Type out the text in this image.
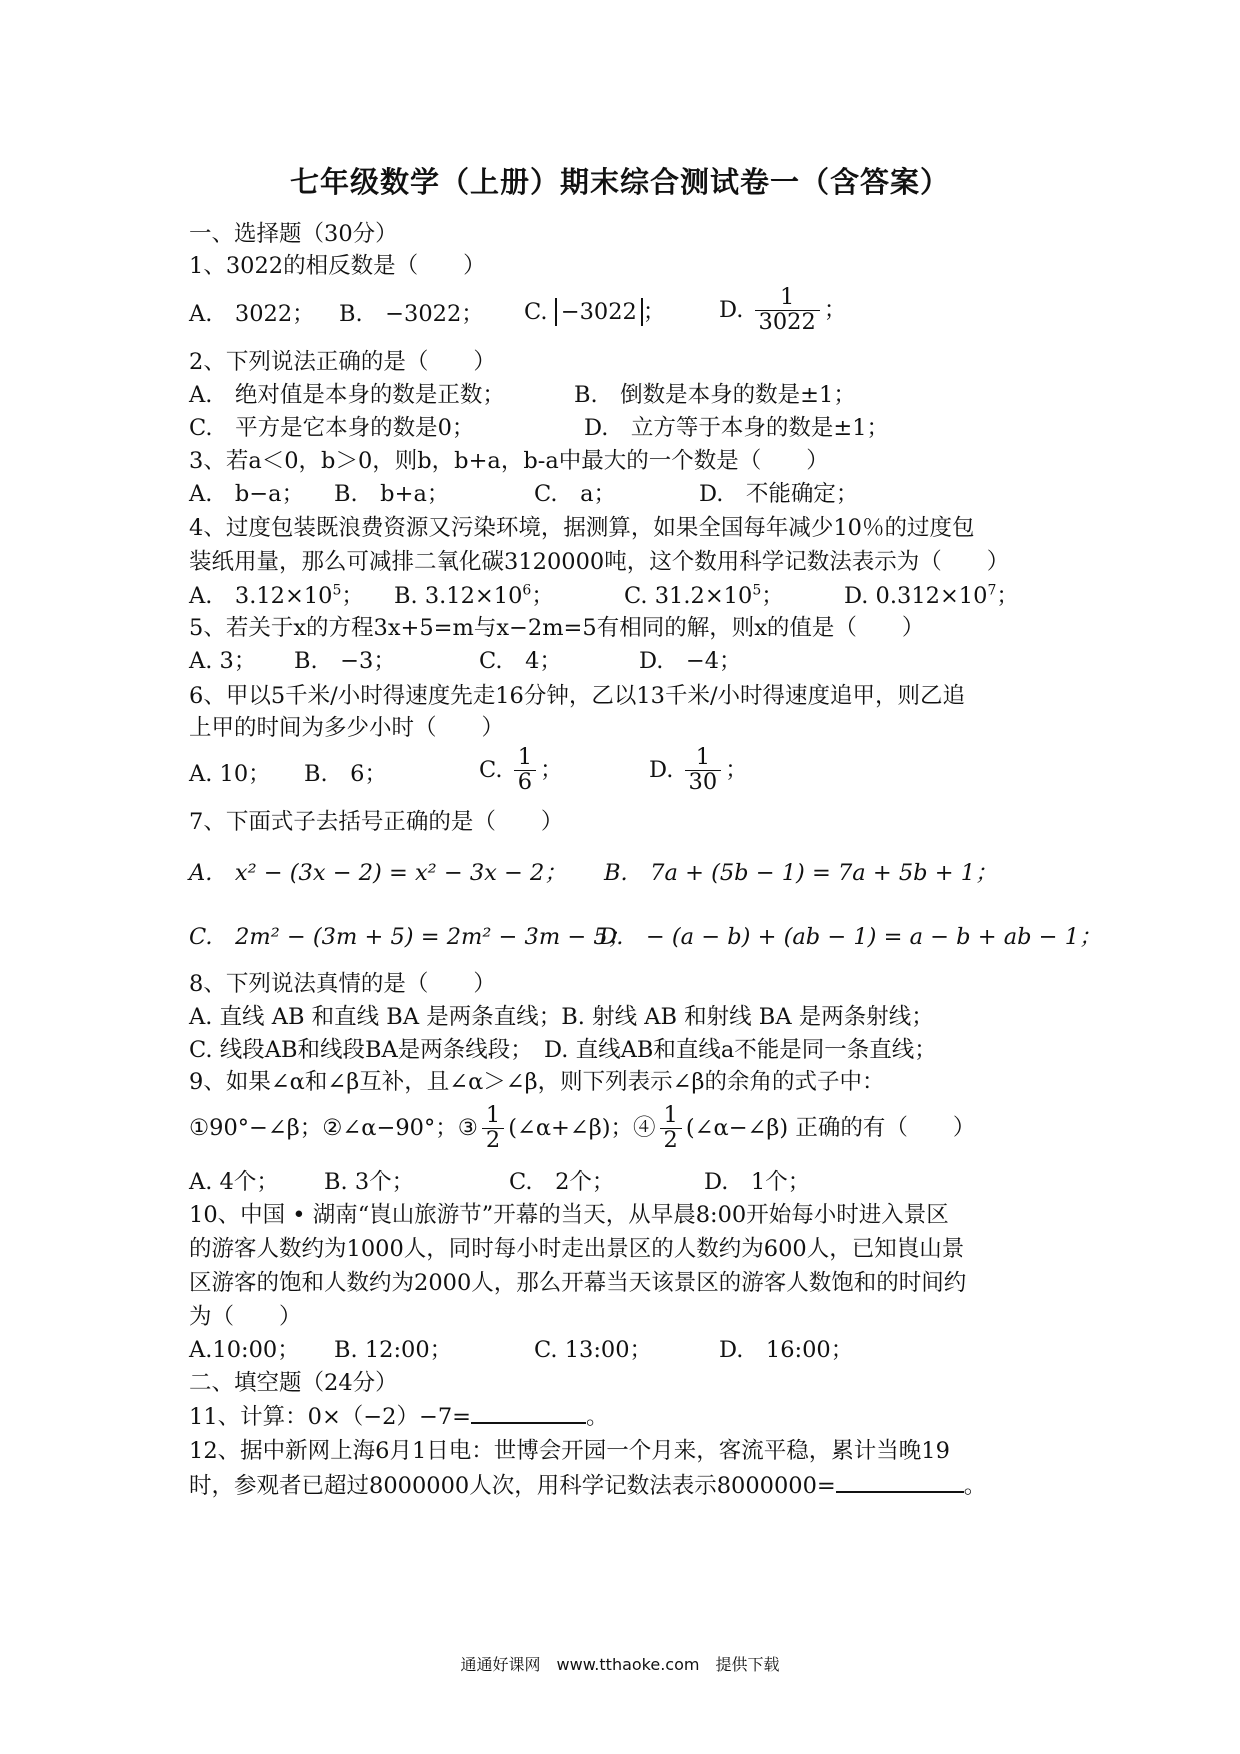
七年级数学（上册）期末综合测试卷一（含答案）
一、选择题（30分）
1、3022的相反数是（　　）
A.　3022； B.　−3022； C. −3022 ； D. $\frac{1}{3022}$ ；
2、下列说法正确的是（　　）
A.　绝对值是本身的数是正数；	B.　倒数是本身的数是±1；
C.　平方是它本身的数是0；	D.　立方等于本身的数是±1；
3、若a＜0，b＞0，则b，b+a，b-a中最大的一个数是（　　）
A.　b−a； B.　b+a；	C.　a；	D.　不能确定；
4、过度包装既浪费资源又污染环境，据测算，如果全国每年减少10％的过度包
装纸用量，那么可减排二氧化碳3120000吨，这个数用科学记数法表示为（　　）
A.　$3.12\times 10^5$； B. $3.12\times 10^6$；	C. $31.2\times 10^5$；	D. $0.312\times 10^7$；
5、若关于x的方程3x+5=m与x−2m=5有相同的解，则x的值是（　　）
A. 3； B.　−3；	C.　4；	D.　−4；
6、甲以5千米/小时得速度先走16分钟，乙以13千米/小时得速度追甲，则乙追
上甲的时间为多少小时（　　）
A. 10； B.　6；	C. $\frac{1}{6}$ ；	D. $\frac{1}{30}$ ；
7、下面式子去括号正确的是（　　）
A.　x² − (3x − 2) = x² − 3x − 2； B.　7a + (5b − 1) = 7a + 5b + 1；
C.　2m² − (3m + 5) = 2m² − 3m − 5；
D.　− (a − b) + (ab − 1) = a − b + ab − 1；
8、下列说法真情的是（　　）
A. 直线 AB 和直线 BA 是两条直线；B. 射线 AB 和射线 BA 是两条射线；
C. 线段AB和线段BA是两条线段；　D. 直线AB和直线a不能是同一条直线；
9、如果∠α和∠β互补，且∠α＞∠β，则下列表示∠β的余角的式子中：
①90°−∠β；②∠α−90°；③ $\frac{1}{2}$ (∠α+∠β)；④ $\frac{1}{2}$ (∠α−∠β) 正确的有（　　）
A. 4个； B. 3个；	C.　2个；	D.　1个；
10、中国 • 湖南“崀山旅游节”开幕的当天，从早晨8:00开始每小时进入景区
的游客人数约为1000人，同时每小时走出景区的人数约为600人，已知崀山景
区游客的饱和人数约为2000人，那么开幕当天该景区的游客人数饱和的时间约
为（　　）
A.10:00； B. 12:00；	C. 13:00；	D.　16:00；
二、填空题（24分）
11、计算：0×（−2）−7=	。
12、据中新网上海6月1日电：世博会开园一个月来，客流平稳，累计当晚19
时，参观者已超过8000000人次，用科学记数法表示8000000=	。
通通好课网　www.tthaoke.com　提供下载
